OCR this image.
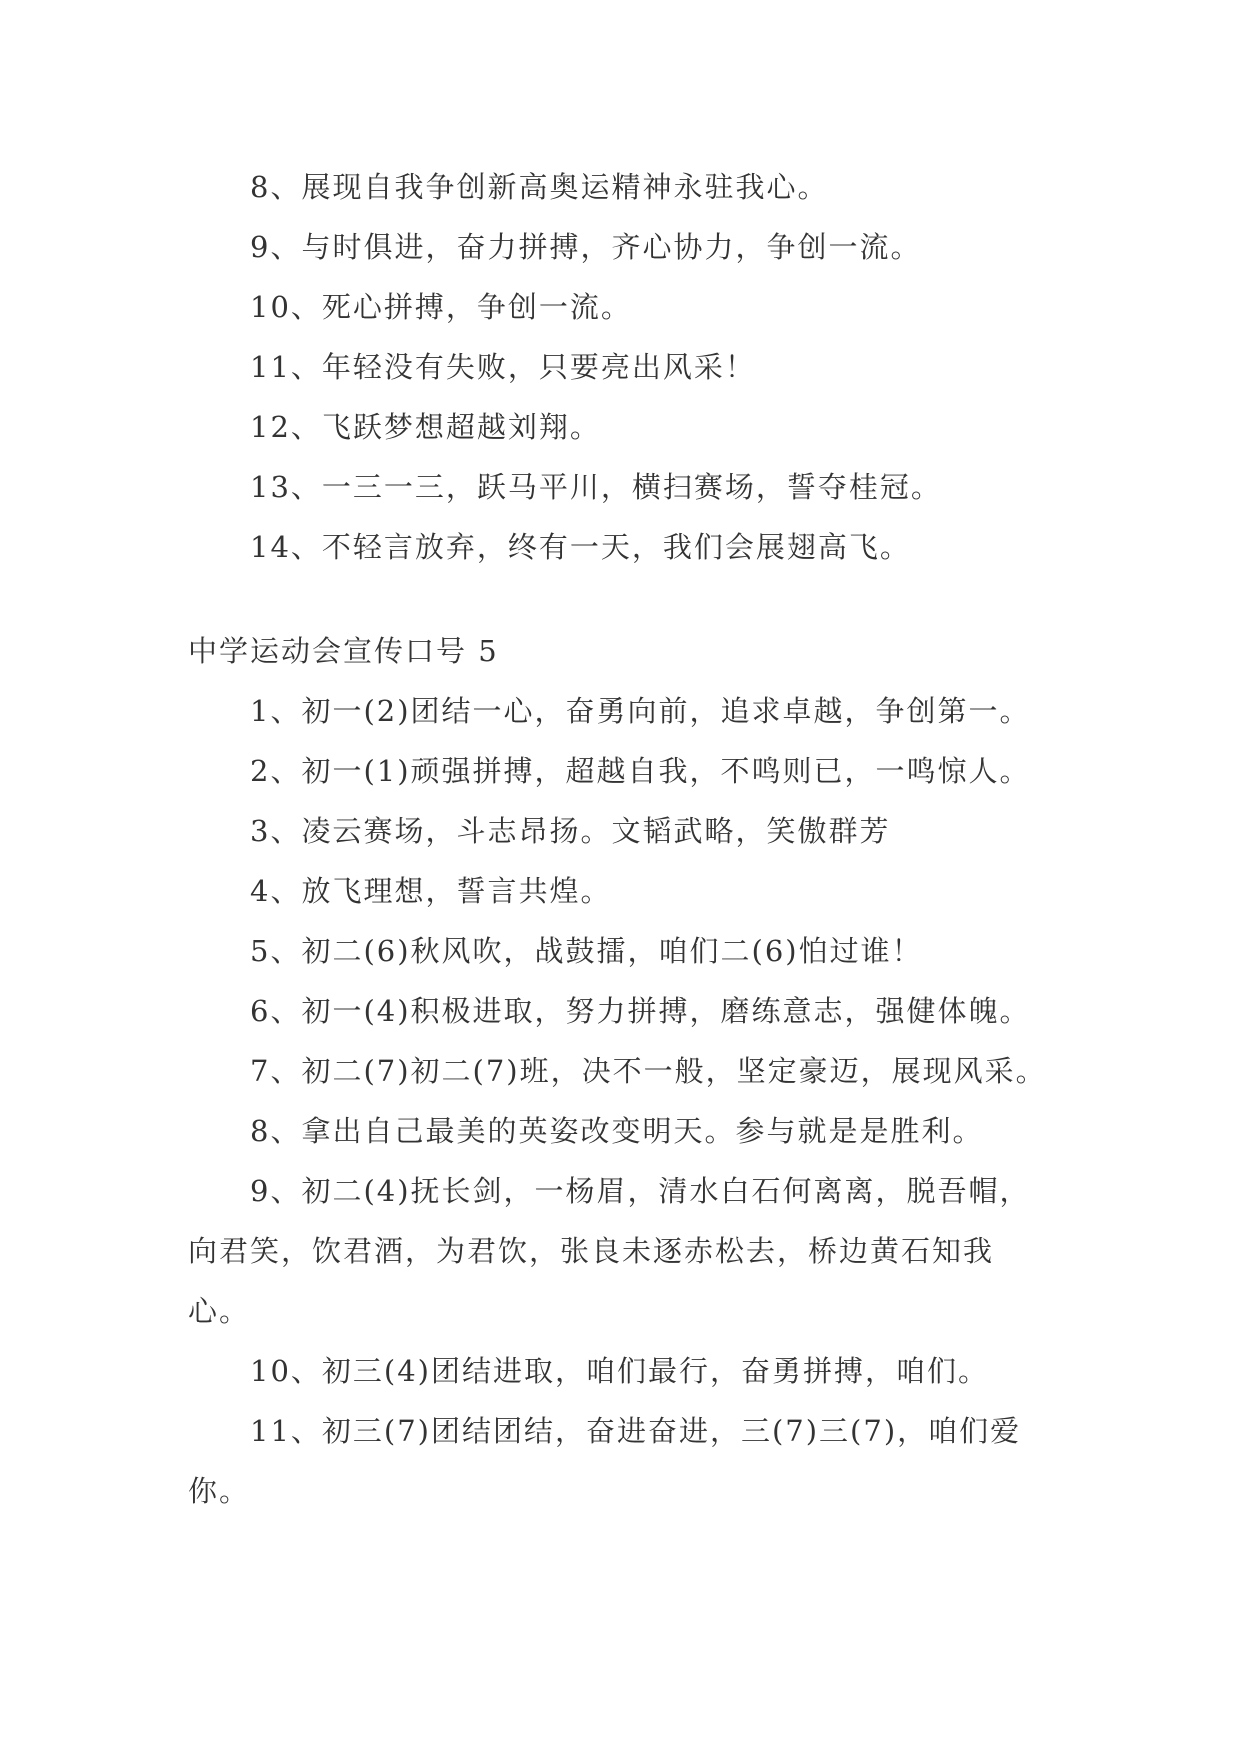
8、展现自我争创新高奥运精神永驻我心。

9、与时俱进，奋力拼搏，齐心协力，争创一流。

10、死心拼搏，争创一流。

11、年轻没有失败，只要亮出风采！

12、飞跃梦想超越刘翔。

13、一三一三，跃马平川，横扫赛场，誓夺桂冠。

14、不轻言放弃，终有一天，我们会展翅高飞。

中学运动会宣传口号 5

1、初一(2)团结一心，奋勇向前，追求卓越，争创第一。

2、初一(1)顽强拼搏，超越自我，不鸣则已，一鸣惊人。

3、凌云赛场，斗志昂扬。文韬武略，笑傲群芳

4、放飞理想，誓言共煌。

5、初二(6)秋风吹，战鼓擂，咱们二(6)怕过谁！

6、初一(4)积极进取，努力拼搏，磨练意志，强健体魄。

7、初二(7)初二(7)班，决不一般，坚定豪迈，展现风采。

8、拿出自己最美的英姿改变明天。参与就是是胜利。

9、初二(4)抚长剑，一杨眉，清水白石何离离，脱吾帽，向君笑，饮君酒，为君饮，张良未逐赤松去，桥边黄石知我心。

10、初三(4)团结进取，咱们最行，奋勇拼搏，咱们。

11、初三(7)团结团结，奋进奋进，三(7)三(7)，咱们爱你。
